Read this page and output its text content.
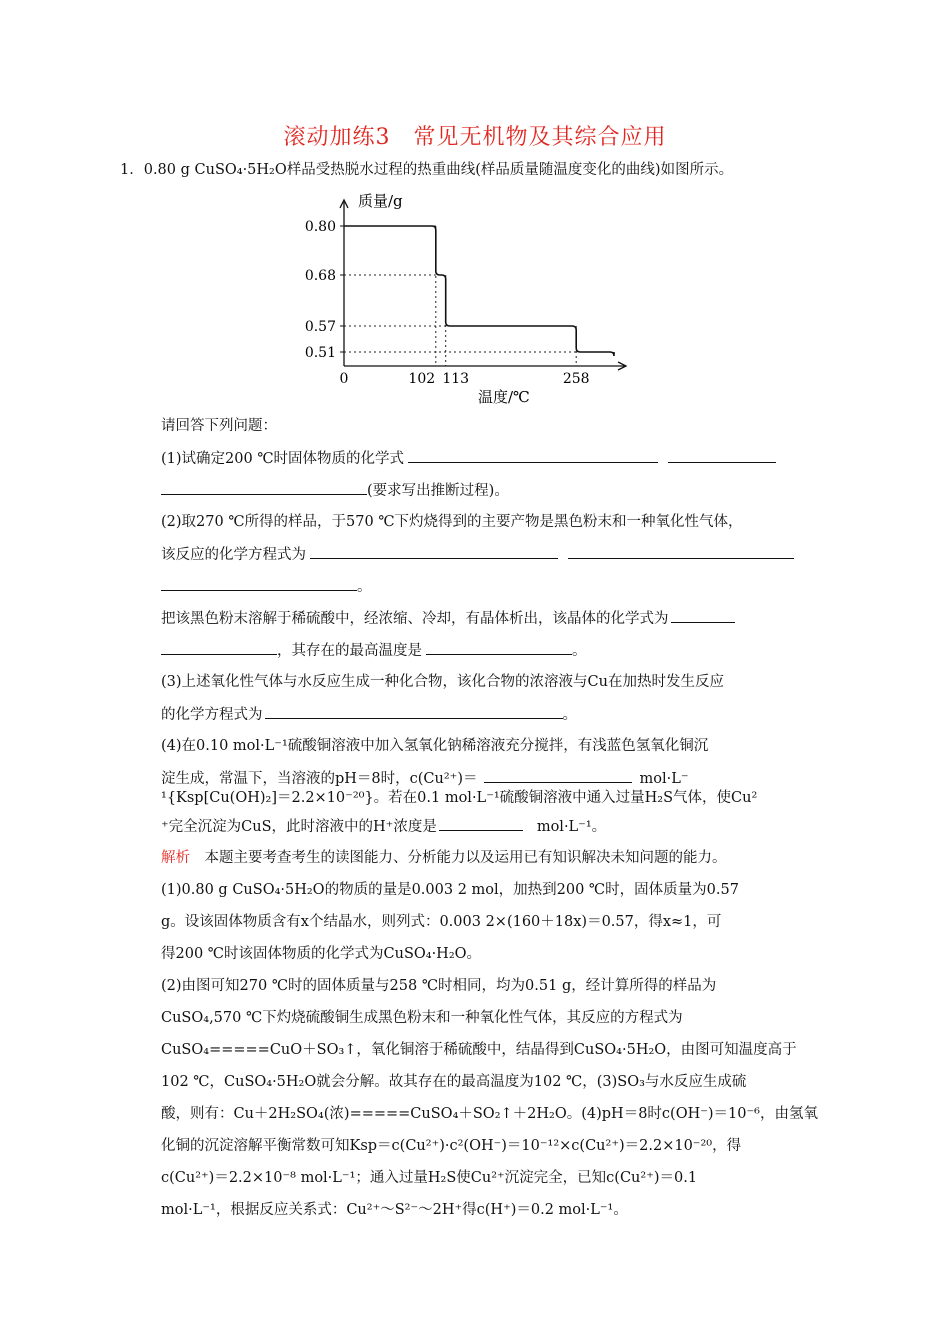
滚动加练3　常见无机物及其综合应用
1．0.80 g CuSO₄·5H₂O样品受热脱水过程的热重曲线(样品质量随温度变化的曲线)如图所示。
0.80
0.68
0.57
0.51
0	102 113	258
质量/g
温度/℃
请回答下列问题：
(1)试确定200 ℃时固体物质的化学式
(要求写出推断过程)。
(2)取270 ℃所得的样品，于570 ℃下灼烧得到的主要产物是黑色粉末和一种氧化性气体，
该反应的化学方程式为
。
把该黑色粉末溶解于稀硫酸中，经浓缩、冷却，有晶体析出，该晶体的化学式为
，其存在的最高温度是	。
(3)上述氧化性气体与水反应生成一种化合物，该化合物的浓溶液与Cu在加热时发生反应
的化学方程式为	。
(4)在0.10 mol·L⁻¹硫酸铜溶液中加入氢氧化钠稀溶液充分搅拌，有浅蓝色氢氧化铜沉
淀生成，常温下，当溶液的pH＝8时，c(Cu²⁺)＝	mol·L⁻
¹{Ksp[Cu(OH)₂]＝2.2×10⁻²⁰}。若在0.1 mol·L⁻¹硫酸铜溶液中通入过量H₂S气体，使Cu²
⁺完全沉淀为CuS，此时溶液中的H⁺浓度是	mol·L⁻¹。
解析　 本题主要考查考生的读图能力、分析能力以及运用已有知识解决未知问题的能力。
(1)0.80 g CuSO₄·5H₂O的物质的量是0.003 2 mol，加热到200 ℃时，固体质量为0.57
g。设该固体物质含有x个结晶水，则列式：0.003 2×(160＋18x)＝0.57，得x≈1，可
得200 ℃时该固体物质的化学式为CuSO₄·H₂O。
(2)由图可知270 ℃时的固体质量与258 ℃时相同，均为0.51 g，经计算所得的样品为
CuSO₄,570 ℃下灼烧硫酸铜生成黑色粉末和一种氧化性气体，其反应的方程式为
CuSO₄=====CuO＋SO₃↑，氧化铜溶于稀硫酸中，结晶得到CuSO₄·5H₂O，由图可知温度高于
102 ℃，CuSO₄·5H₂O就会分解。故其存在的最高温度为102 ℃，(3)SO₃与水反应生成硫
酸，则有：Cu＋2H₂SO₄(浓)=====CuSO₄＋SO₂↑＋2H₂O。(4)pH＝8时c(OH⁻)＝10⁻⁶，由氢氧
化铜的沉淀溶解平衡常数可知Ksp＝c(Cu²⁺)·c²(OH⁻)＝10⁻¹²×c(Cu²⁺)＝2.2×10⁻²⁰，得
c(Cu²⁺)＝2.2×10⁻⁸ mol·L⁻¹；通入过量H₂S使Cu²⁺沉淀完全，已知c(Cu²⁺)＝0.1
mol·L⁻¹，根据反应关系式：Cu²⁺～S²⁻～2H⁺得c(H⁺)＝0.2 mol·L⁻¹。
